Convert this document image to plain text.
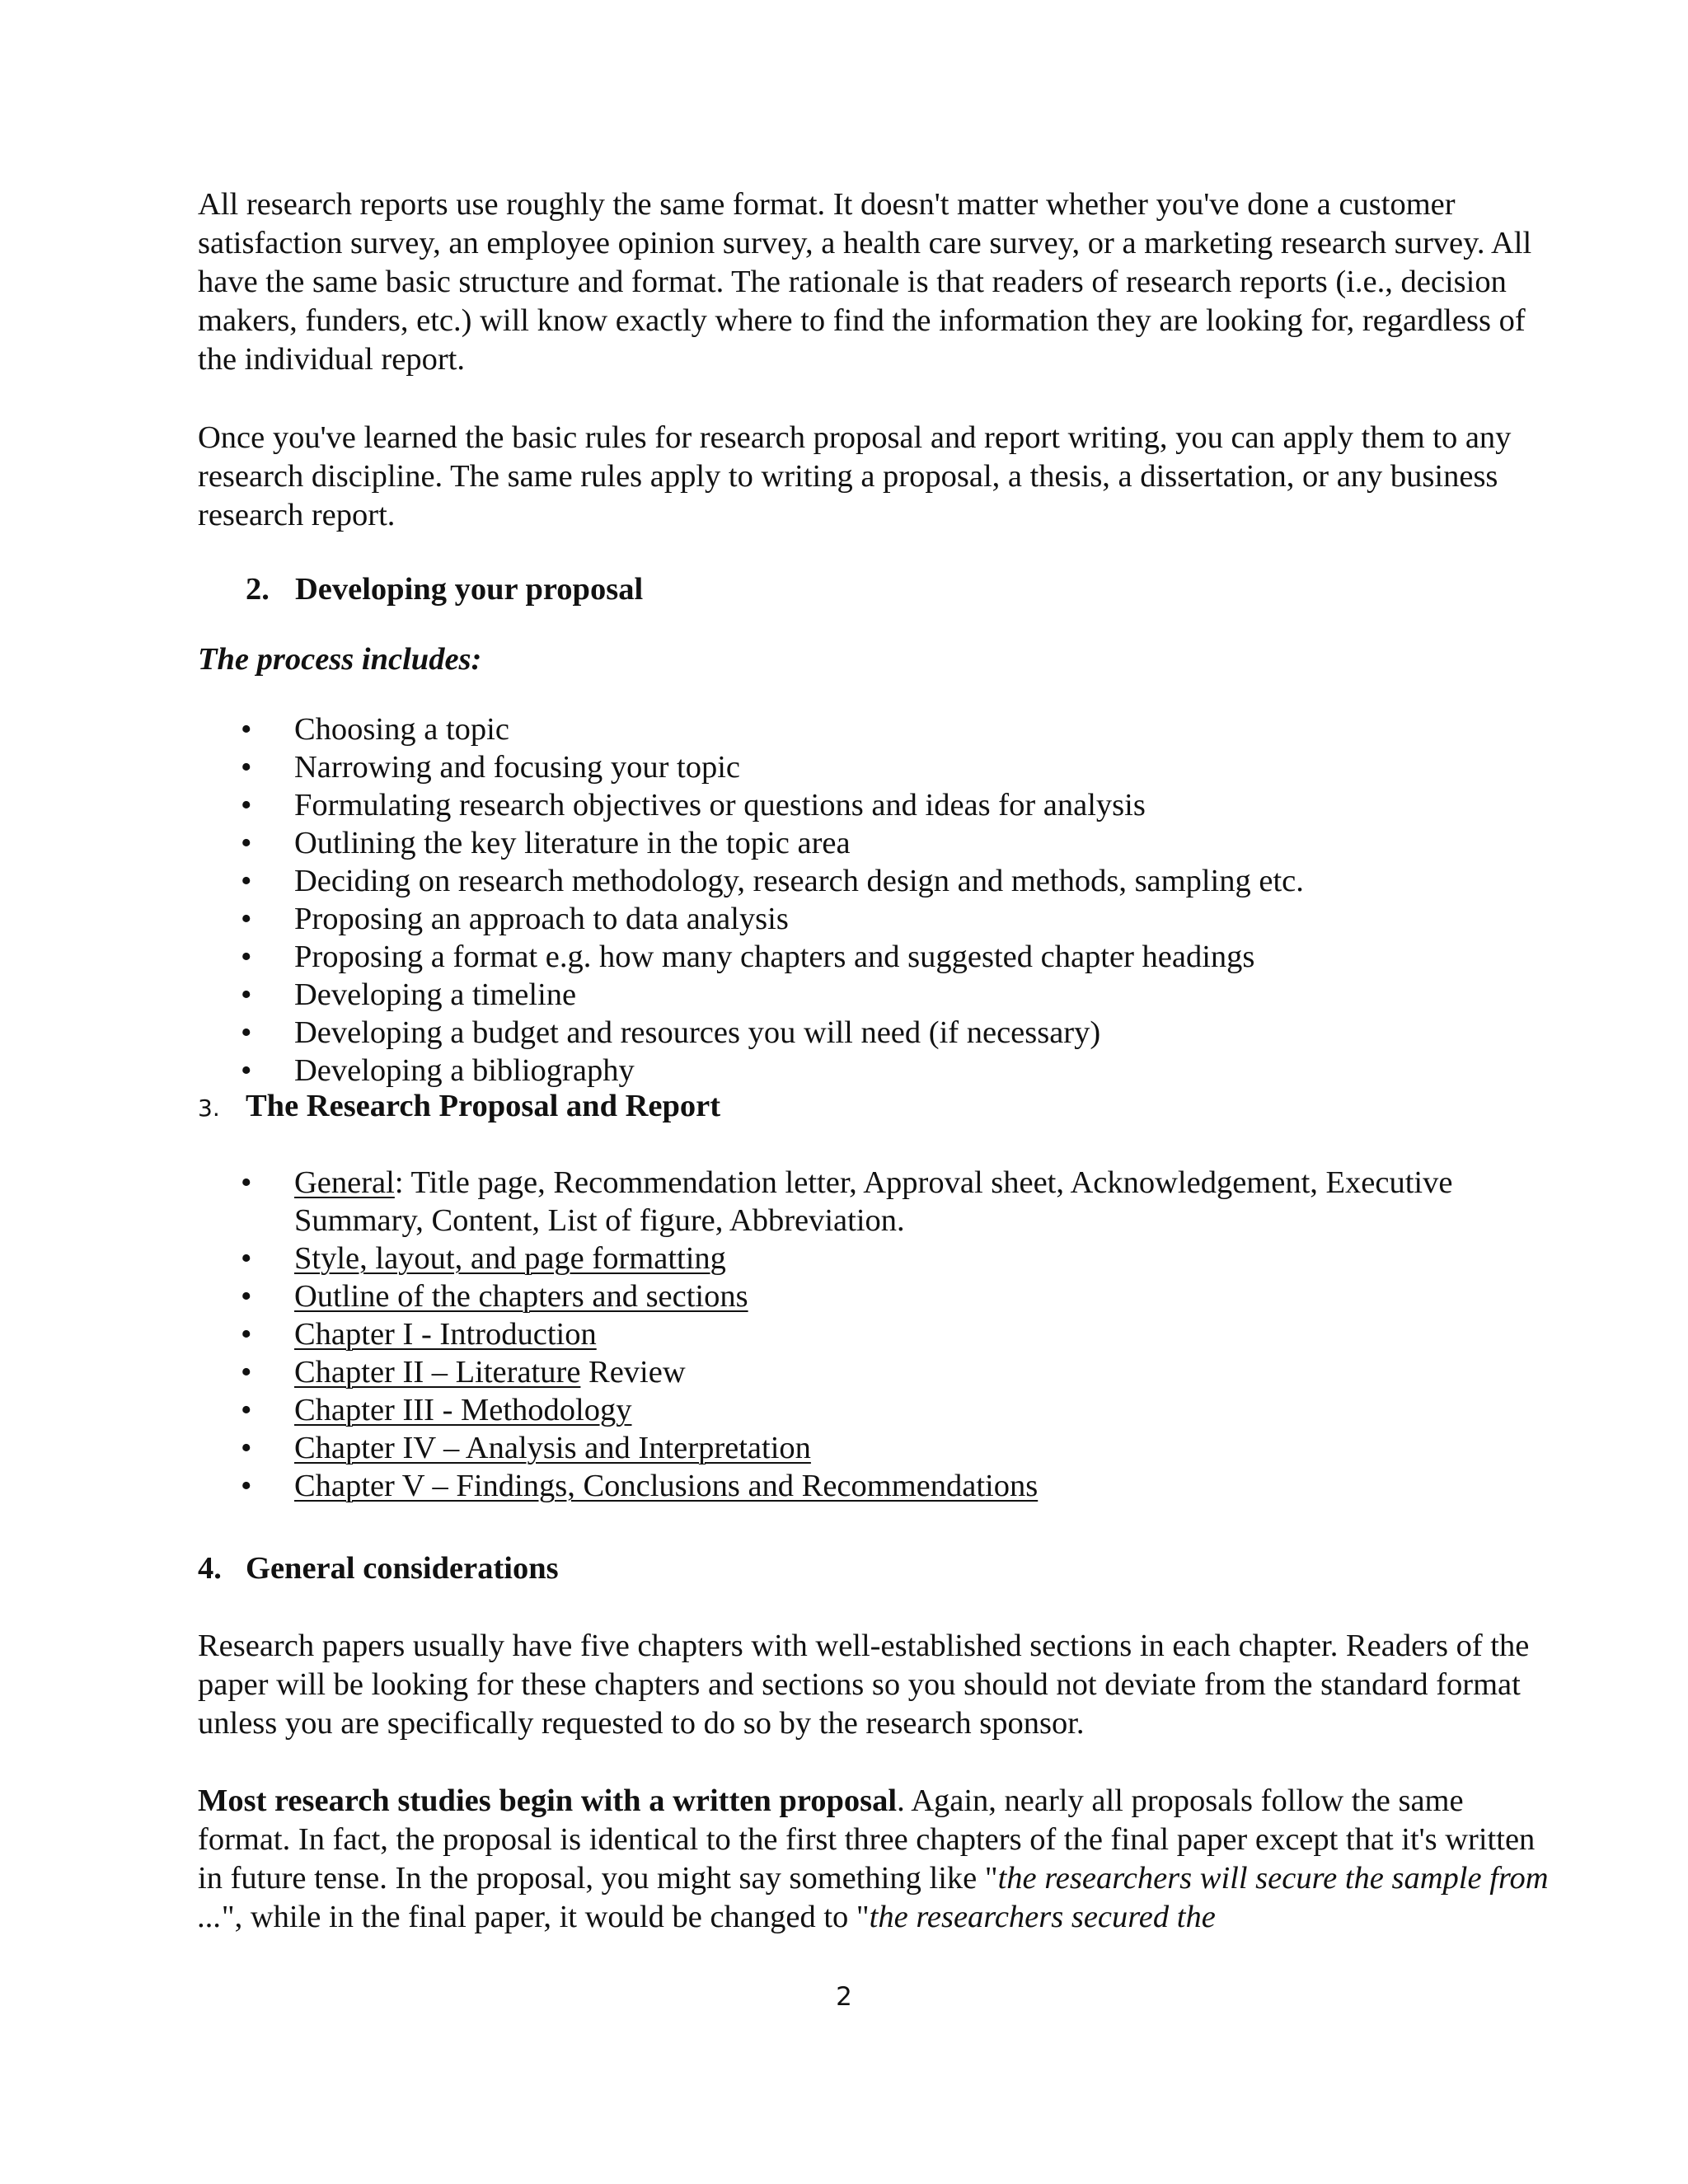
All research reports use roughly the same format. It doesn't matter whether you've done a customer satisfaction survey, an employee opinion survey, a health care survey, or a marketing research survey. All have the same basic structure and format. The rationale is that readers of research reports (i.e., decision makers, funders, etc.) will know exactly where to find the information they are looking for, regardless of the individual report.

Once you've learned the basic rules for research proposal and report writing, you can apply them to any research discipline. The same rules apply to writing a proposal, a thesis, a dissertation, or any business research report.

2. Developing your proposal
The process includes:
• Choosing a topic
• Narrowing and focusing your topic
• Formulating research objectives or questions and ideas for analysis
• Outlining the key literature in the topic area
• Deciding on research methodology, research design and methods, sampling etc.
• Proposing an approach to data analysis
• Proposing a format e.g. how many chapters and suggested chapter headings
• Developing a timeline
• Developing a budget and resources you will need (if necessary)
• Developing a bibliography
3. The Research Proposal and Report
• General: Title page, Recommendation letter, Approval sheet, Acknowledgement, Executive Summary, Content, List of figure, Abbreviation.
• Style, layout, and page formatting
• Outline of the chapters and sections
• Chapter I - Introduction
• Chapter II – Literature Review
• Chapter III - Methodology
• Chapter IV – Analysis and Interpretation
• Chapter V – Findings, Conclusions and Recommendations
4. General considerations

Research papers usually have five chapters with well-established sections in each chapter. Readers of the paper will be looking for these chapters and sections so you should not deviate from the standard format unless you are specifically requested to do so by the research sponsor.

Most research studies begin with a written proposal. Again, nearly all proposals follow the same format. In fact, the proposal is identical to the first three chapters of the final paper except that it's written in future tense. In the proposal, you might say something like "the researchers will secure the sample from ...", while in the final paper, it would be changed to "the researchers secured the

2
